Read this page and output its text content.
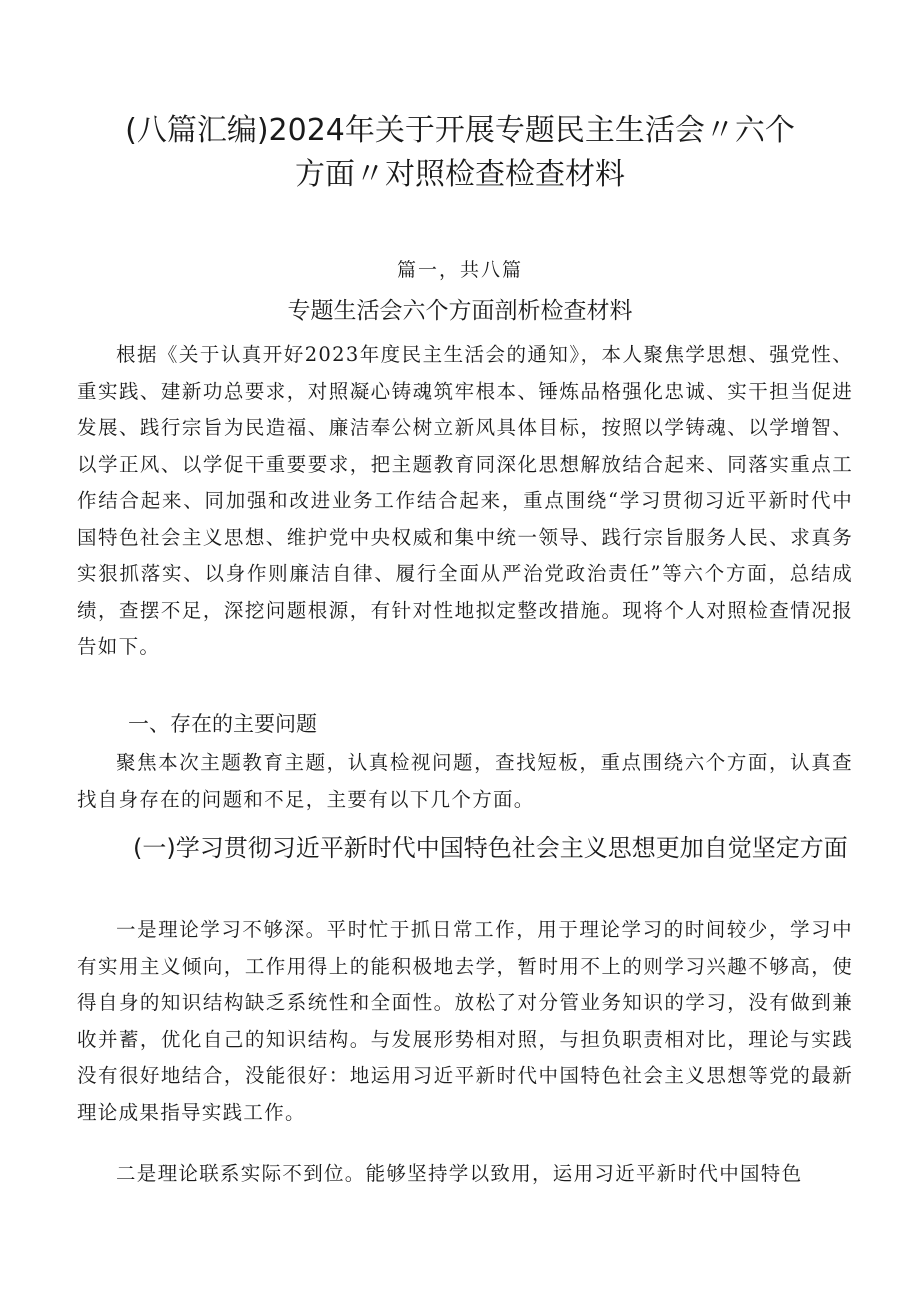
(八篇汇编)2024年关于开展专题民主生活会〃六个
方面〃对照检查检查材料
篇一，共八篇
专题生活会六个方面剖析检查材料

根据《关于认真开好2023年度民主生活会的通知》，本人聚焦学思想、强党性、重实践、建新功总要求，对照凝心铸魂筑牢根本、锤炼品格强化忠诚、实干担当促进发展、践行宗旨为民造福、廉洁奉公树立新风具体目标，按照以学铸魂、以学增智、以学正风、以学促干重要要求，把主题教育同深化思想解放结合起来、同落实重点工作结合起来、同加强和改进业务工作结合起来，重点围绕“学习贯彻习近平新时代中国特色社会主义思想、维护党中央权威和集中统一领导、践行宗旨服务人民、求真务实狠抓落实、以身作则廉洁自律、履行全面从严治党政治责任”等六个方面，总结成绩，查摆不足，深挖问题根源，有针对性地拟定整改措施。现将个人对照检查情况报告如下。

一、存在的主要问题

聚焦本次主题教育主题，认真检视问题，查找短板，重点围绕六个方面，认真查找自身存在的问题和不足，主要有以下几个方面。

(一)学习贯彻习近平新时代中国特色社会主义思想更加自觉坚定方面

一是理论学习不够深。平时忙于抓日常工作，用于理论学习的时间较少，学习中有实用主义倾向，工作用得上的能积极地去学，暂时用不上的则学习兴趣不够高，使得自身的知识结构缺乏系统性和全面性。放松了对分管业务知识的学习，没有做到兼收并蓄，优化自己的知识结构。与发展形势相对照，与担负职责相对比，理论与实践没有很好地结合，没能很好：地运用习近平新时代中国特色社会主义思想等党的最新理论成果指导实践工作。

二是理论联系实际不到位。能够坚持学以致用，运用习近平新时代中国特色
